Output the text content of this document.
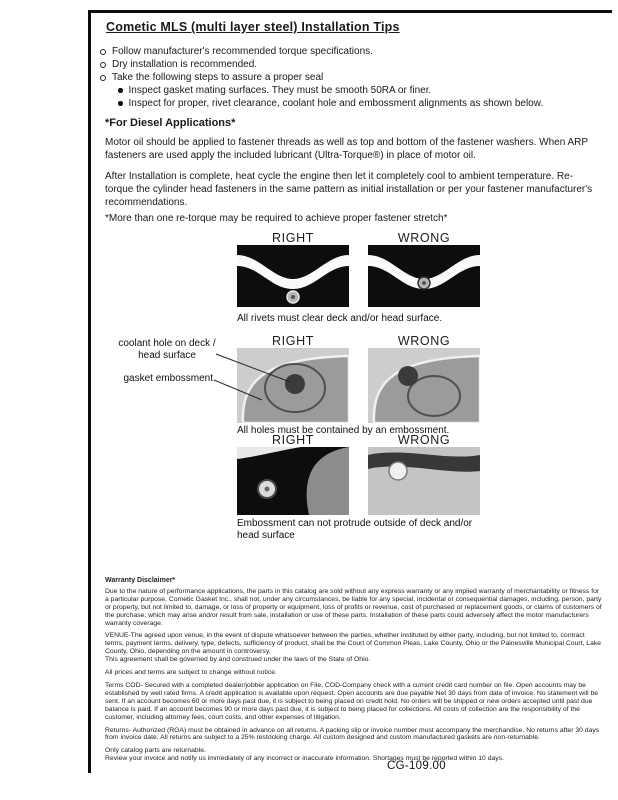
Cometic MLS (multi layer steel) Installation Tips
Follow manufacturer's recommended torque specifications.
Dry installation is recommended.
Take the following steps to assure a proper seal
Inspect gasket mating surfaces. They must be smooth 50RA or finer.
Inspect for proper, rivet clearance, coolant hole and embossment alignments as shown below.
*For Diesel Applications*
Motor oil should be applied to fastener threads as well as top and bottom of the fastener washers. When ARP fasteners are used apply the included lubricant (Ultra-Torque®) in place of motor oil.
After Installation is complete, heat cycle the engine then let it completely cool to ambient temperature. Re-torque the cylinder head fasteners in the same pattern as initial installation or per your fastener manufacturer's recommendations.
*More than one re-torque may be required to achieve proper fastener stretch*
RIGHT	WRONG
All rivets must clear deck and/or head surface.
RIGHT	WRONG
coolant hole on deck / head surface
gasket embossment
All holes must be contained by an embossment.
RIGHT	WRONG
Embossment can not protrude outside of deck and/or head surface
Warranty Disclaimer*
Due to the nature of performance applications, the parts in this catalog are sold without any express warranty or any implied warranty of merchantability or fitness for a particular purpose. Cometic Gasket Inc., shall not, under any circumstances, be liable for any special, incidental or consequential damages, including, person, party or property, but not limited to, damage, or loss of property or equipment, loss of profits or revenue, cost of purchased or replacement goods, or claims of customers of the purchase, which may arise and/or result from sale, installation or use of these parts. Installation of these parts could adversely affect the motor manufacturers warranty coverage.
VENUE-The agreed upon venue, in the event of dispute whatsoever between the parties, whether instituted by either party, including, but not limited to, contract terms, payment terms, delivery, type, defects, sufficiency of product, shall be the Court of Common Pleas, Lake County, Ohio or the Painesville Municipal Court, Lake County, Ohio, depending on the amount in controversy.
This agreement shall be governed by and construed under the laws of the State of Ohio.
All prices and terms are subject to change without notice.
Terms COD- Secured with a completed dealer/jobber application on File, COD-Company check with a current credit card number on file. Open accounts may be established by well rated firms. A credit application is available upon request. Open accounts are due payable Net 30 days from date of invoice. No statement will be sent. If an account becomes 60 or more days past due, it is subject to being placed on credit hold. No orders will be shipped or new orders accepted until past due balance is paid. If an account becomes 90 or more days past due, it is subject to being placed for collections. All costs of collection are the responsibility of the customer, including attorney fees, court costs, and other expenses of litigation.
Returns- Authorized (RGA) must be obtained in advance on all returns. A packing slip or invoice number must accompany the merchandise. No returns after 30 days from invoice date. All returns are subject to a 25% restocking charge. All custom designed and custom manufactured gaskets are non-returnable.
Only catalog parts are returnable.
Review your invoice and notify us immediately of any incorrect or inaccurate information. Shortages must be reported within 10 days.
CG-109.00
